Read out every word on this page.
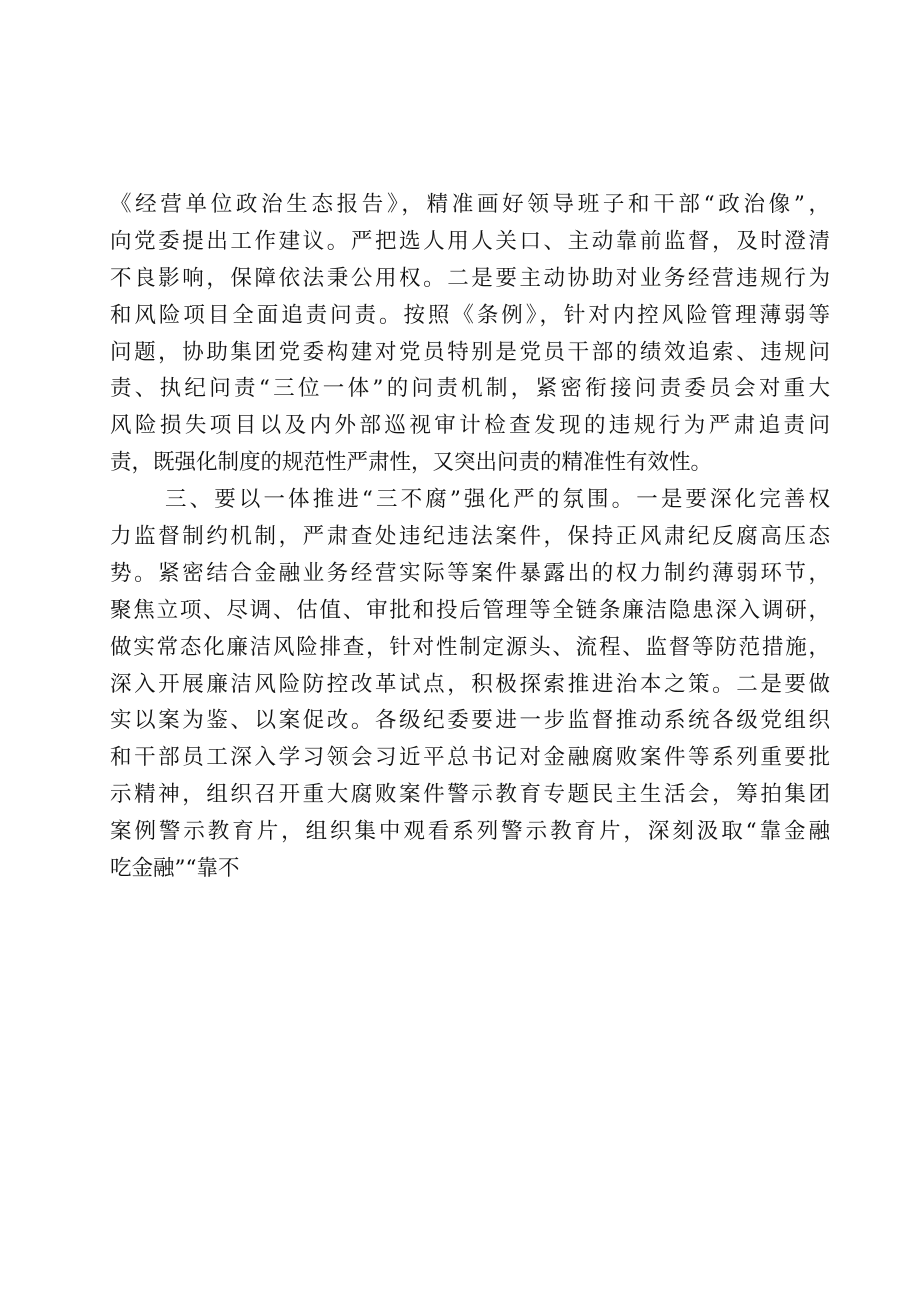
《经营单位政治生态报告》，精准画好领导班子和干部“政治像”，
向党委提出工作建议。严把选人用人关口、主动靠前监督，及时澄清
不良影响，保障依法秉公用权。二是要主动协助对业务经营违规行为
和风险项目全面追责问责。按照《条例》，针对内控风险管理薄弱等
问题，协助集团党委构建对党员特别是党员干部的绩效追索、违规问
责、执纪问责“三位一体”的问责机制，紧密衔接问责委员会对重大
风险损失项目以及内外部巡视审计检查发现的违规行为严肃追责问
责，既强化制度的规范性严肃性，又突出问责的精准性有效性。
三、要以一体推进“三不腐”强化严的氛围。一是要深化完善权
力监督制约机制，严肃查处违纪违法案件，保持正风肃纪反腐高压态
势。紧密结合金融业务经营实际等案件暴露出的权力制约薄弱环节，
聚焦立项、尽调、估值、审批和投后管理等全链条廉洁隐患深入调研，
做实常态化廉洁风险排查，针对性制定源头、流程、监督等防范措施，
深入开展廉洁风险防控改革试点，积极探索推进治本之策。二是要做
实以案为鉴、以案促改。各级纪委要进一步监督推动系统各级党组织
和干部员工深入学习领会习近平总书记对金融腐败案件等系列重要批
示精神，组织召开重大腐败案件警示教育专题民主生活会，筹拍集团
案例警示教育片，组织集中观看系列警示教育片，深刻汲取“靠金融
吃金融”“靠不
